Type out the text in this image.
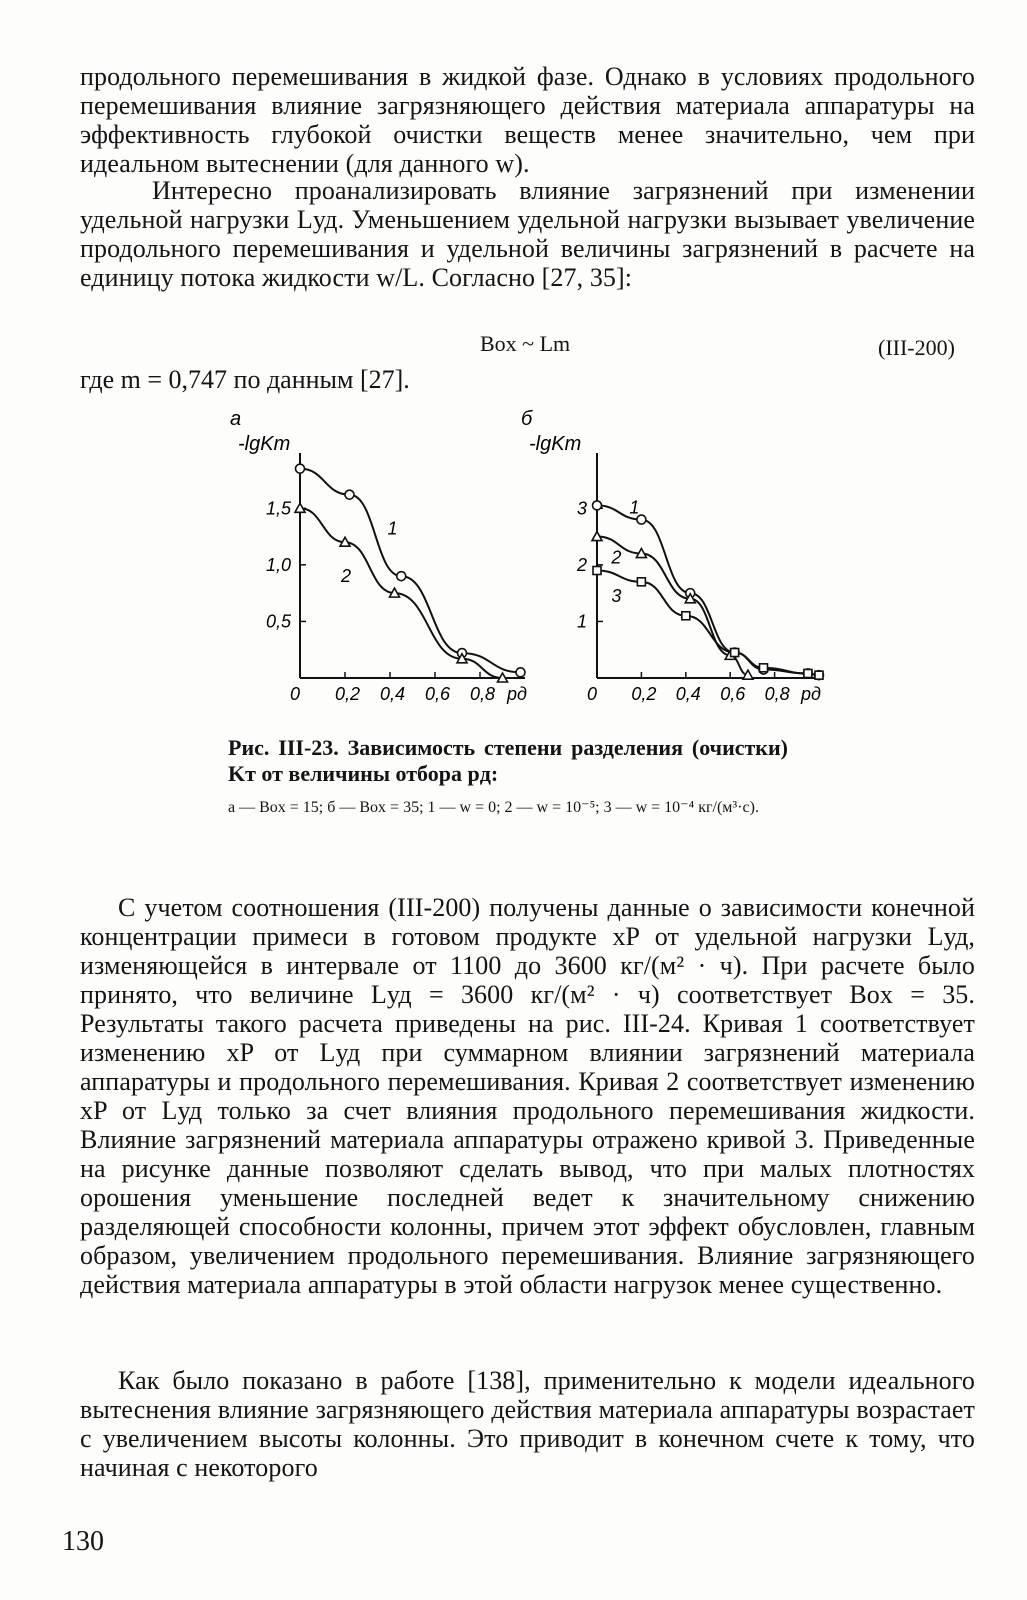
продольного перемешивания в жидкой фазе. Однако в условиях продольного перемешивания влияние загрязняющего действия материала аппаратуры на эффективность глубокой очистки веществ менее значительно, чем при идеальном вытеснении (для данного w).

Интересно проанализировать влияние загрязнений при изменении удельной нагрузки Lуд. Уменьшением удельной нагрузки вызывает увеличение продольного перемешивания и удельной величины загрязнений в расчете на единицу потока жидкости w/L. Согласно [27, 35]:

Boх ~ Lm	(III-200)
где m = 0,747 по данным [27].
а
-lgKт
0 0,2 0,4 0,6 0,8 pд
0,5
1,0
1,5
1
2
б
-lgKт
0 0,2 0,4 0,6 0,8 pд
1
2
3 1
2
3
Рис. III-23. Зависимость степени разделения (очистки) Kт от величины отбора pд:
а — Boх = 15; б — Boх = 35; 1 — w = 0; 2 — w = 10⁻⁵; 3 — w = 10⁻⁴ кг/(м³·с).

С учетом соотношения (III-200) получены данные о зависимости конечной концентрации примеси в готовом продукте xP от удельной нагрузки Lуд, изменяющейся в интервале от 1100 до 3600 кг/(м² · ч). При расчете было принято, что величине Lуд = 3600 кг/(м² · ч) соответствует Boх = 35. Результаты такого расчета приведены на рис. III-24. Кривая 1 соответствует изменению xP от Lуд при суммарном влиянии загрязнений материала аппаратуры и продольного перемешивания. Кривая 2 соответствует изменению xP от Lуд только за счет влияния продольного перемешивания жидкости. Влияние загрязнений материала аппаратуры отражено кривой 3. Приведенные на рисунке данные позволяют сделать вывод, что при малых плотностях орошения уменьшение последней ведет к значительному снижению разделяющей способности колонны, причем этот эффект обусловлен, главным образом, увеличением продольного перемешивания. Влияние загрязняющего действия материала аппаратуры в этой области нагрузок менее существенно.

Как было показано в работе [138], применительно к модели идеального вытеснения влияние загрязняющего действия материала аппаратуры возрастает с увеличением высоты колонны. Это приводит в конечном счете к тому, что начиная с некоторого

130
